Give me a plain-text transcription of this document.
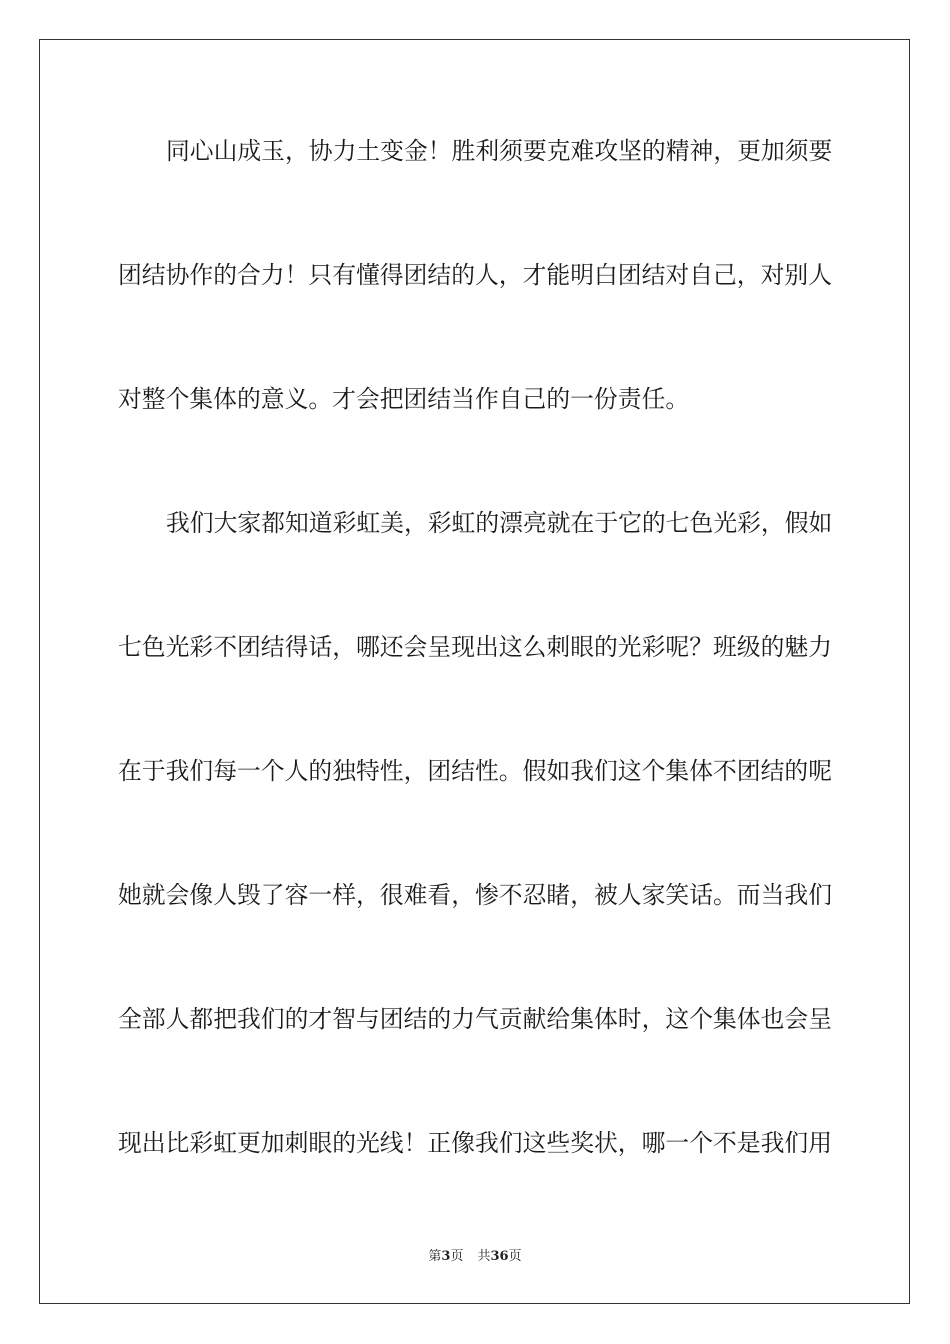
同心山成玉，协力土变金！胜利须要克难攻坚的精神，更加须要
团结协作的合力！只有懂得团结的人，才能明白团结对自己，对别人
对整个集体的意义。才会把团结当作自己的一份责任。
我们大家都知道彩虹美，彩虹的漂亮就在于它的七色光彩，假如
七色光彩不团结得话，哪还会呈现出这么刺眼的光彩呢？班级的魅力
在于我们每一个人的独特性，团结性。假如我们这个集体不团结的呢
她就会像人毁了容一样，很难看，惨不忍睹，被人家笑话。而当我们
全部人都把我们的才智与团结的力气贡献给集体时，这个集体也会呈
现出比彩虹更加刺眼的光线！正像我们这些奖状，哪一个不是我们用
第3页 共36页
